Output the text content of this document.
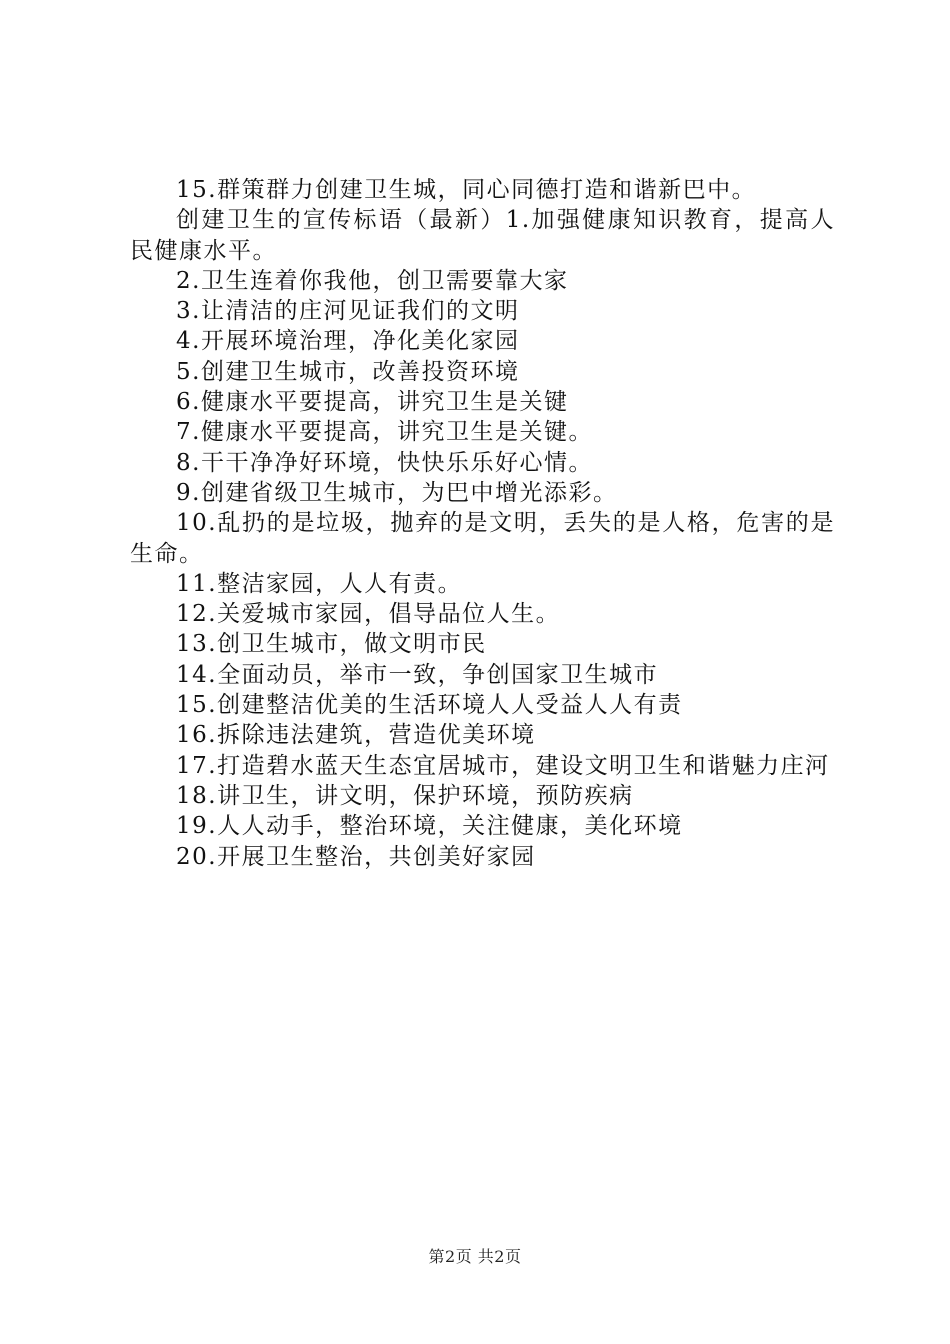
15.群策群力创建卫生城，同心同德打造和谐新巴中。

创建卫生的宣传标语（最新）1.加强健康知识教育，提高人民健康水平。

2.卫生连着你我他，创卫需要靠大家

3.让清洁的庄河见证我们的文明

4.开展环境治理，净化美化家园

5.创建卫生城市，改善投资环境

6.健康水平要提高，讲究卫生是关键

7.健康水平要提高，讲究卫生是关键。

8.干干净净好环境，快快乐乐好心情。

9.创建省级卫生城市，为巴中增光添彩。

10.乱扔的是垃圾，抛弃的是文明，丢失的是人格，危害的是生命。

11.整洁家园，人人有责。

12.关爱城市家园，倡导品位人生。

13.创卫生城市，做文明市民

14.全面动员，举市一致，争创国家卫生城市

15.创建整洁优美的生活环境人人受益人人有责

16.拆除违法建筑，营造优美环境

17.打造碧水蓝天生态宜居城市，建设文明卫生和谐魅力庄河

18.讲卫生，讲文明，保护环境，预防疾病

19.人人动手，整治环境，关注健康，美化环境

20.开展卫生整治，共创美好家园

第2页 共2页
